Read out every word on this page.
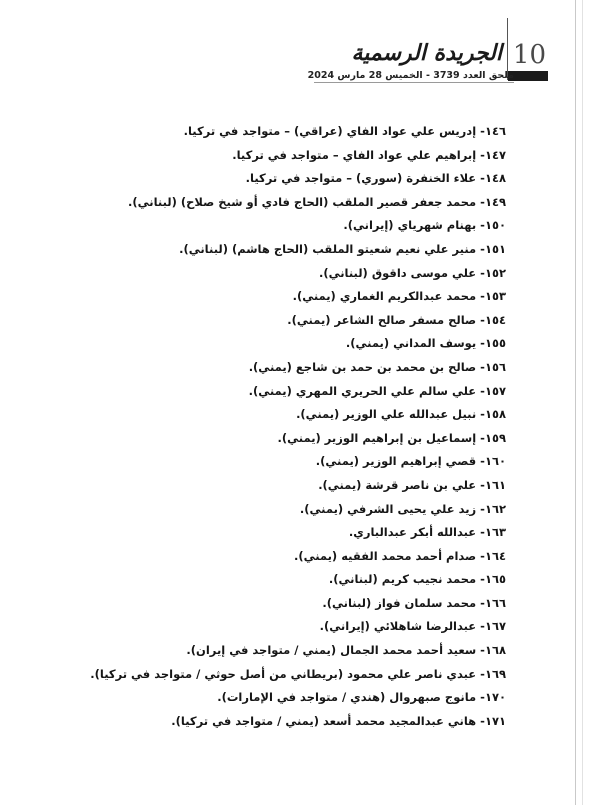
10
الجريدة الرسمية
ملحق العدد 3739 - الخميس 28 مارس 2024
١٤٦- إدريس علي عواد الفاي (عراقي) – متواجد في تركيا.
١٤٧- إبراهيم علي عواد الفاي – متواجد في تركيا.
١٤٨- علاء الخنفرة (سوري) – متواجد في تركيا.
١٤٩- محمد جعفر قصير الملقب (الحاج فادي أو شيخ صلاح) (لبناني).
١٥٠- بهنام شهرياي (إيراني).
١٥١- منير علي نعيم شعيتو الملقب (الحاج هاشم) (لبناني).
١٥٢- علي موسى داقوق (لبناني).
١٥٣- محمد عبدالكريم الغماري (يمني).
١٥٤- صالح مسفر صالح الشاعر (يمني).
١٥٥- يوسف المداني (يمني).
١٥٦- صالح بن محمد بن حمد بن شاجع (يمني).
١٥٧- علي سالم علي الحريري المهري (يمني).
١٥٨- نبيل عبدالله علي الوزير (يمني).
١٥٩- إسماعيل بن إبراهيم الوزير (يمني).
١٦٠- قصي إبراهيم الوزير (يمني).
١٦١- علي بن ناصر قرشة (يمني).
١٦٢- زيد علي يحيى الشرفي (يمني).
١٦٣- عبدالله أبكر عبدالباري.
١٦٤- صدام أحمد محمد الفقيه (يمني).
١٦٥- محمد نجيب كريم (لبناني).
١٦٦- محمد سلمان فواز (لبناني).
١٦٧- عبدالرضا شاهلائي (إيراني).
١٦٨- سعيد أحمد محمد الجمال (يمني / متواجد في إيران).
١٦٩- عبدي ناصر علي محمود (بريطاني من أصل حوثي / متواجد في تركيا).
١٧٠- مانوج صبهروال (هندي / متواجد في الإمارات).
١٧١- هاني عبدالمجيد محمد أسعد (يمني / متواجد في تركيا).
